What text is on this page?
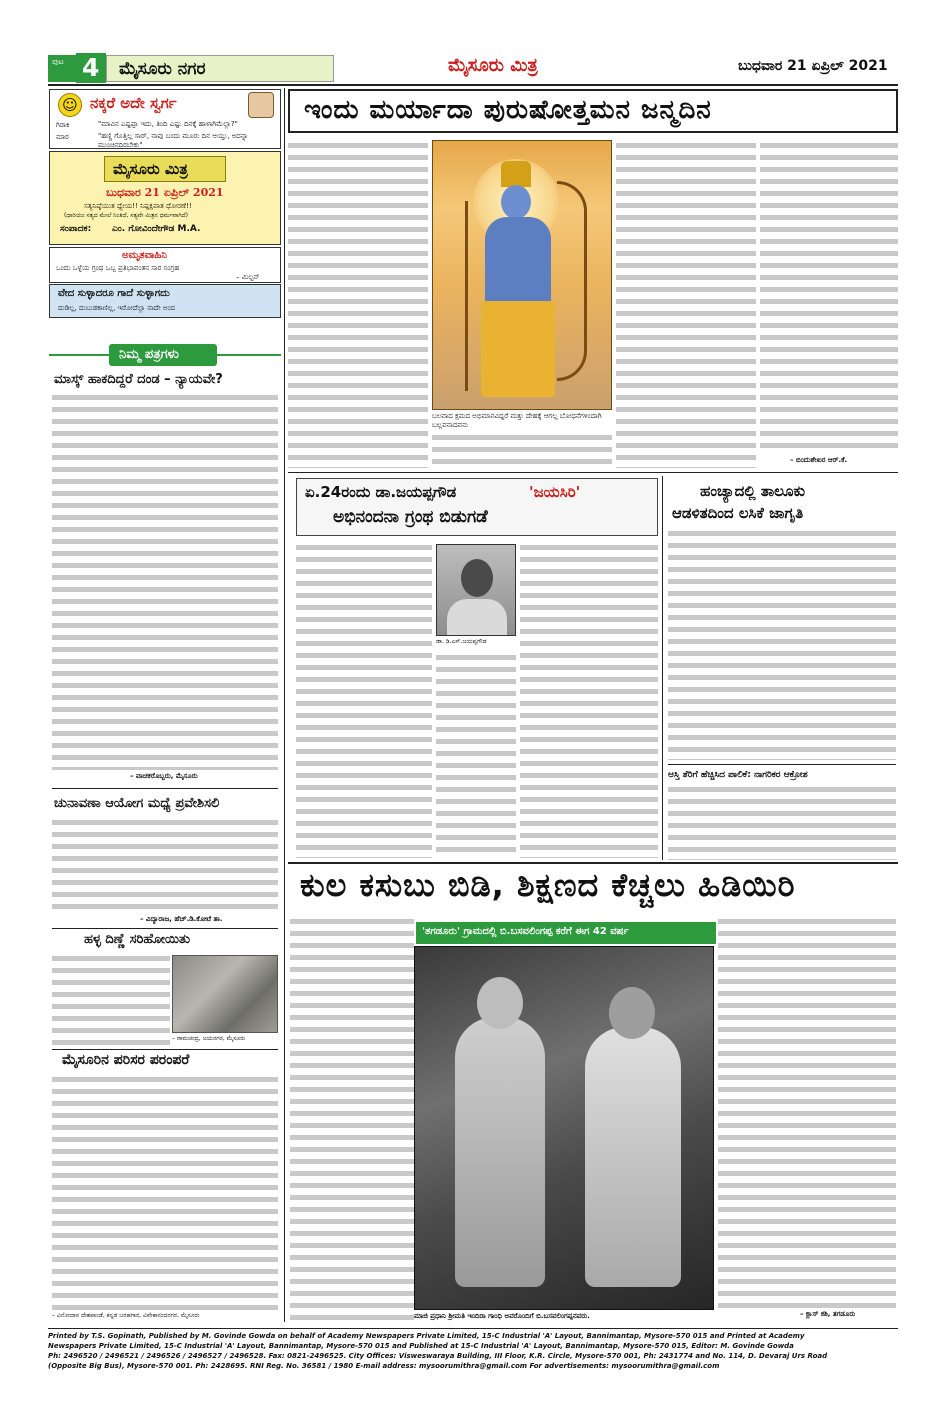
ಪುಟ 4 ಮೈಸೂರು ನಗರ	ಮೈಸೂರು ಮಿತ್ರ	ಬುಧವಾರ 21 ಏಪ್ರಿಲ್ 2021
☺ ನಕ್ಕರೆ ಅದೇ ಸ್ವರ್ಗ
ಗಿರಾಕಿ	"ಮಾವಿನ ಎಷ್ಟಪ್ಪಾ ಇದು, ತಿಂದಿ ಎಷ್ಟು ದಿನಕ್ಕೆ ಹಾಳಾಗಿಮೆಲ್ಲಾ?"
ಮಾರ	"ಹಣ್ಣಿ ಗೊತ್ತಿಲ್ಲ ಸಾರ್, ನಾವು ಬಂದು ಮೂರು ದಿನ ಆಯ್ತು, ಅದನ್ನಾ ಮುಂಚಿನದಿರಬೇಕು"
ಮೈಸೂರು ಮಿತ್ರ
ಬುಧವಾರ 21 ಏಪ್ರಿಲ್ 2021
ಸತ್ಯನಿಷ್ಠೆಯುತ ಧ್ಯೇಯ!! ನಿಷ್ಪಕ್ಷಪಾತ ಧೋರಣೆ!!
(ಧಾರಿಯಂ ಸತ್ಯದ ಮೇಲೆ ನಿಂತಿದೆ, ಸತ್ಯವೇ ಮಿತ್ರನ ಧರ್ಮವಾಗಿದೆ)
ಸಂಪಾದಕ: ಎಂ. ಗೋವಿಂದೇಗೌಡ M.A.
ಅಮೃತವಾಹಿನಿ
ಒಂದು ಒಳ್ಳೆಯ ಗ್ರಂಥ ಒಬ್ಬ ಪ್ರತಿಭಾವಂತನ ಸಾರ ಸಂಗ್ರಹ
– ಮಿಲ್ಟನ್
ವೇದ ಸುಳ್ಳಾದರೂ ಗಾದೆ ಸುಳ್ಳಾಗದು
ದುಡಿಲ್ಲ, ದುಬುಡಕಾಣಿಲ್ಲ, ಇರೋದೆಲ್ಲಾ ನಾದೇ ಅಂದ
ನಿಮ್ಮ ಪತ್ರಗಳು
ಮಾಸ್ಕ್ ಹಾಕದಿದ್ದರೆ ದಂಡ – ನ್ಯಾಯವೇ?
– ವಾಚಕರೊಬ್ಬರು, ಮೈಸೂರು
ಚುನಾವಣಾ ಆಯೋಗ ಮಧ್ಯೆ ಪ್ರವೇಶಿಸಲಿ
– ವಿದ್ಯಾರಾಜ, ಹೆಚ್.ಡಿ.ಕೋಟೆ ತಾ.
ಹಳ್ಳ ದಿಣ್ಣೆ ಸರಿಹೋಯಿತು
– ರಾಮಚಂದ್ರ, ಜಯನಗರ, ಮೈಸೂರು
ಮೈಸೂರಿನ ಪರಿಸರ ಪರಂಪರೆ
– ವಿನೋದಾಸ ದೇಶಪಾಂಡೆ, ಕನ್ನಡ ಬರಹಗಾರ, ವಿವೇಕಾನಂದನಗರ, ಮೈಸೂರು
ಇಂದು ಮರ್ಯಾದಾ ಪುರುಷೋತ್ತಮನ ಜನ್ಮದಿನ
ಬಲವಾದ ಕ್ಷಮದ ಅಭಿಮಾನವಿದ್ದರೆ ಮತ್ತು ದೇಹಕ್ಕೆ ಆಗಲ್ಲ ಬೋಧನೆಗಳಿಂದಾಗಿ ಬಲ್ಲವನಾದವನು
– ಬಿಂದುಶೇಖರ ಆರ್.ಕೆ.
ಏ.24ರಂದು ಡಾ.ಜಯಪ್ಪಗೌಡ	'ಜಯಸಿರಿ'
ಅಭಿನಂದನಾ ಗ್ರಂಥ ಬಿಡುಗಡೆ
ಡಾ. ಡಿ.ಎಸ್.ಜಯಪ್ಪಗೌಡ
ಹಂಚ್ಯಾದಲ್ಲಿ ತಾಲೂಕು
ಆಡಳಿತದಿಂದ ಲಸಿಕೆ ಜಾಗೃತಿ
ಆಸ್ತಿ ತೆರಿಗೆ ಹೆಚ್ಚಿಸಿದ ಪಾಲಿಕೆ: ನಾಗರಿಕರ ಆಕ್ರೋಶ
ಕುಲ ಕಸುಬು ಬಿಡಿ, ಶಿಕ್ಷಣದ ಕೆಚ್ಚಲು ಹಿಡಿಯಿರಿ
'ತಗಡೂರು' ಗ್ರಾಮದಲ್ಲಿ ಬಿ.ಬಸವಲಿಂಗಪ್ಪ ಕರೆಗೆ ಈಗ 42 ವರ್ಷ
ಮಾಜಿ ಪ್ರಧಾನಿ ಶ್ರೀಮತಿ ಇಂದಿರಾ ಗಾಂಧಿ ಅವರೊಂದಿಗೆ ಬಿ.ಬಸವಲಿಂಗಪ್ಪನವರು.	– ಕ್ಲಾಸ್ ಕಶಿ, ತಗಡೂರು
Printed by T.S. Gopinath, Published by M. Govinde Gowda on behalf of Academy Newspapers Private Limited, 15-C Industrial 'A' Layout, Bannimantap, Mysore-570 015 and Printed at Academy
Newspapers Private Limited, 15-C Industrial 'A' Layout, Bannimantap, Mysore-570 015 and Published at 15-C Industrial 'A' Layout, Bannimantap, Mysore-570 015, Editor: M. Govinde Gowda
Ph: 2496520 / 2496521 / 2496526 / 2496527 / 2496528. Fax: 0821-2496525. City Offices: Visweswaraya Building, III Floor, K.R. Circle, Mysore-570 001, Ph: 2431774 and No. 114, D. Devaraj Urs Road
(Opposite Big Bus), Mysore-570 001. Ph: 2428695. RNI Reg. No. 36581 / 1980 E-mail address: mysoorumithra@gmail.com For advertisements: mysoorumithra@gmail.com
